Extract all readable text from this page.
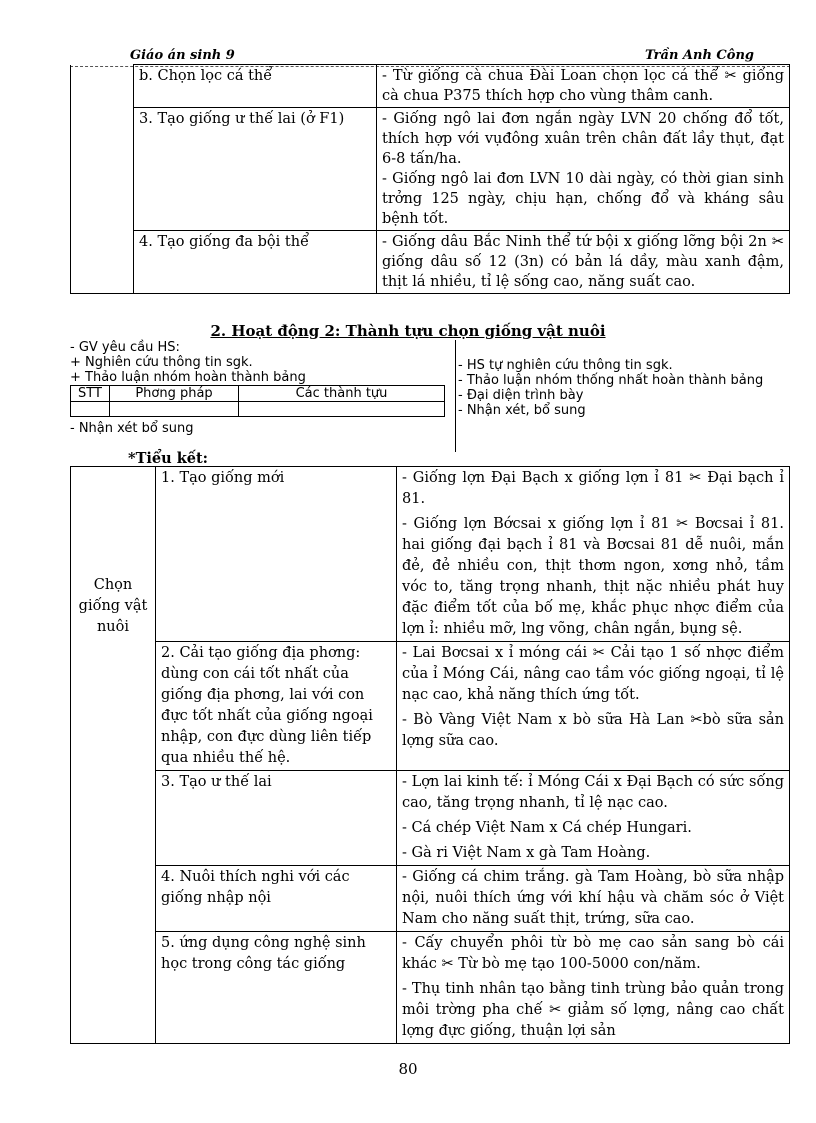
Giáo án sinh 9	Trần Anh Công
	b. Chọn lọc cá thể	- Từ giống cà chua Đài Loan chọn lọc cá thể ✂ giống cà chua P375 thích hợp cho vùng thâm canh.

	3. Tạo giống ư thế lai (ở F1)	- Giống ngô lai đơn ngắn ngày LVN 20 chống đổ tốt, thích hợp với vụđông xuân trên chân đất lầy thụt, đạt 6-8 tấn/ha.
- Giống ngô lai đơn LVN 10 dài ngày, có thời gian sinh trởng 125 ngày, chịu hạn, chống đổ và kháng sâu bệnh tốt.

	4. Tạo giống đa bội thể	- Giống dâu Bắc Ninh thể tứ bội x giống lỡng bội 2n ✂ giống dâu số 12 (3n) có bản lá dầy, màu xanh đậm, thịt lá nhiều, tỉ lệ sống cao, năng suất cao.
2. Hoạt động 2: Thành tựu chọn giống vật nuôi
- GV yêu cầu HS:
+ Nghiên cứu thông tin sgk.
+ Thảo luận nhóm hoàn thành bảng
STT	Phơng pháp	Các thành tựu

- Nhận xét bổ sung
- HS tự nghiên cứu thông tin sgk.
- Thảo luận nhóm thống nhất hoàn thành bảng
- Đại diện trình bày
- Nhận xét, bổ sung
*Tiểu kết:
Chọn giống vật nuôi	1. Tạo giống mới	- Giống lợn Đại Bạch x giống lợn ỉ 81 ✂ Đại bạch ỉ 81.
- Giống lợn Bớcsai x giống lợn ỉ 81 ✂ Bơcsai ỉ 81. hai giống đại bạch ỉ 81 và Bơcsai 81 dễ nuôi, mắn đẻ, đẻ nhiều con, thịt thơm ngon, xơng nhỏ, tầm vóc to, tăng trọng nhanh, thịt nặc nhiều phát huy đặc điểm tốt của bố mẹ, khắc phục nhợc điểm của lợn ỉ: nhiều mỡ, lng võng, chân ngắn, bụng sệ.

	2. Cải tạo giống địa phơng: dùng con cái tốt nhất của giống địa phơng, lai với con đực tốt nhất của giống ngoại nhập, con đực dùng liên tiếp qua nhiều thế hệ.	- Lai Bơcsai x ỉ móng cái ✂ Cải tạo 1 số nhợc điểm của ỉ Móng Cái, nâng cao tầm vóc giống ngoại, tỉ lệ nạc cao, khả năng thích ứng tốt.
- Bò Vàng Việt Nam x bò sữa Hà Lan ✂bò sữa sản lợng sữa cao.

	3. Tạo ư thế lai	- Lợn lai kinh tế: ỉ Móng Cái x Đại Bạch có sức sống cao, tăng trọng nhanh, tỉ lệ nạc cao.
- Cá chép Việt Nam x Cá chép Hungari.
- Gà ri Việt Nam x gà Tam Hoàng.

	4. Nuôi thích nghi với các giống nhập nội	- Giống cá chim trắng. gà Tam Hoàng, bò sữa nhập nội, nuôi thích ứng với khí hậu và chăm sóc ở Việt Nam cho năng suất thịt, trứng, sữa cao.

	5. ứng dụng công nghệ sinh học trong công tác giống	- Cấy chuyển phôi từ bò mẹ cao sản sang bò cái khác ✂ Từ bò mẹ tạo 100-5000 con/năm.
- Thụ tinh nhân tạo bằng tinh trùng bảo quản trong môi trờng pha chế ✂ giảm số lợng, nâng cao chất lợng đực giống, thuận lợi sản
80
